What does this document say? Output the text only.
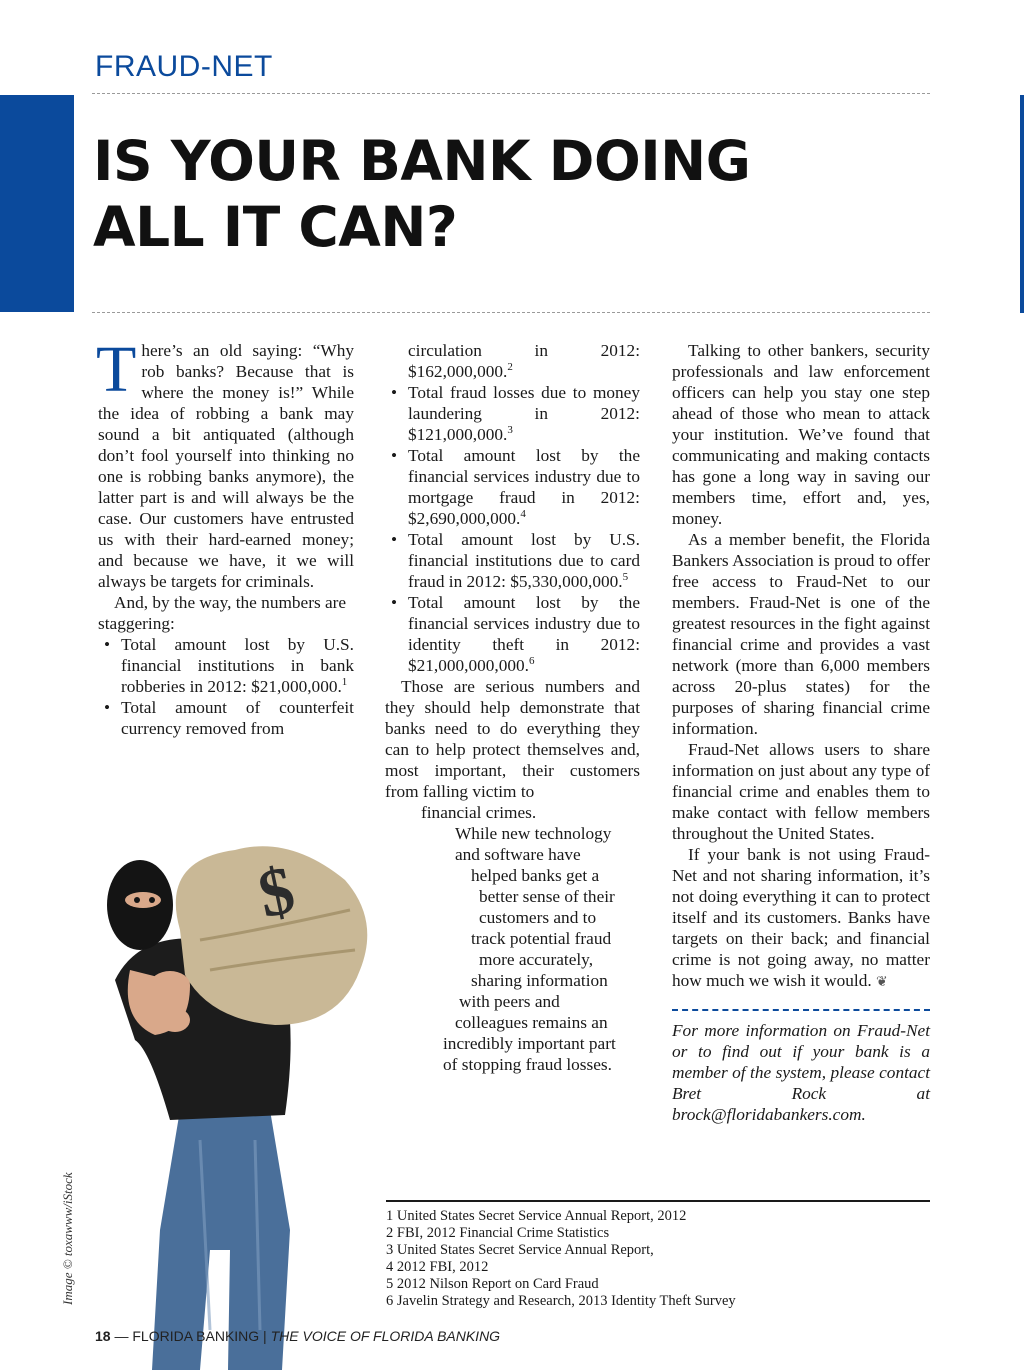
FRAUD-NET
IS YOUR BANK DOING
ALL IT CAN?

There’s an old saying: “Why rob banks? Because that is where the money is!” While the idea of robbing a bank may sound a bit antiquated (although don’t fool yourself into thinking no one is robbing banks anymore), the latter part is and will always be the case. Our customers have entrusted us with their hard-earned money; and because we have, it we will always be targets for criminals.

And, by the way, the numbers are staggering:

• Total amount lost by U.S. financial institutions in bank robberies in 2012: $21,000,000.$^1$
• Total amount of counterfeit currency removed from

circulation in 2012: $162,000,000.$^2$

• Total fraud losses due to money laundering in 2012: $121,000,000.$^3$
• Total amount lost by the financial services industry due to mortgage fraud in 2012: $2,690,000,000.$^4$
• Total amount lost by U.S. financial institutions due to card fraud in 2012: $5,330,000,000.$^5$
• Total amount lost by the financial services industry due to identity theft in 2012: $21,000,000,000.$^6$

Those are serious numbers and they should help demonstrate that banks need to do everything they can to help protect themselves and, most important, their customers from falling victim to

financial crimes.
While new technology
and software have
helped banks get a
better sense of their
customers and to
track potential fraud
more accurately,
sharing information
with peers and
colleagues remains an
incredibly important part
of stopping fraud losses.

Talking to other bankers, security professionals and law enforcement officers can help you stay one step ahead of those who mean to attack your institution. We’ve found that communicating and making contacts has gone a long way in saving our members time, effort and, yes, money.

As a member benefit, the Florida Bankers Association is proud to offer free access to Fraud-Net to our members. Fraud-Net is one of the greatest resources in the fight against financial crime and provides a vast network (more than 6,000 members across 20-plus states) for the purposes of sharing financial crime information.

Fraud-Net allows users to share information on just about any type of financial crime and enables them to make contact with fellow members throughout the United States.

If your bank is not using Fraud-Net and not sharing information, it’s not doing everything it can to protect itself and its customers. Banks have targets on their back; and financial crime is not going away, no matter how much we wish it would. ❦

For more information on Fraud-Net or to find out if your bank is a member of the system, please contact Bret Rock at brock@floridabankers.com.

$
1 United States Secret Service Annual Report, 2012
2 FBI, 2012 Financial Crime Statistics
3 United States Secret Service Annual Report,
4 2012 FBI, 2012
5 2012 Nilson Report on Card Fraud
6 Javelin Strategy and Research, 2013 Identity Theft Survey
18 — FLORIDA BANKING | THE VOICE OF FLORIDA BANKING
Image © toxawww/iStock
